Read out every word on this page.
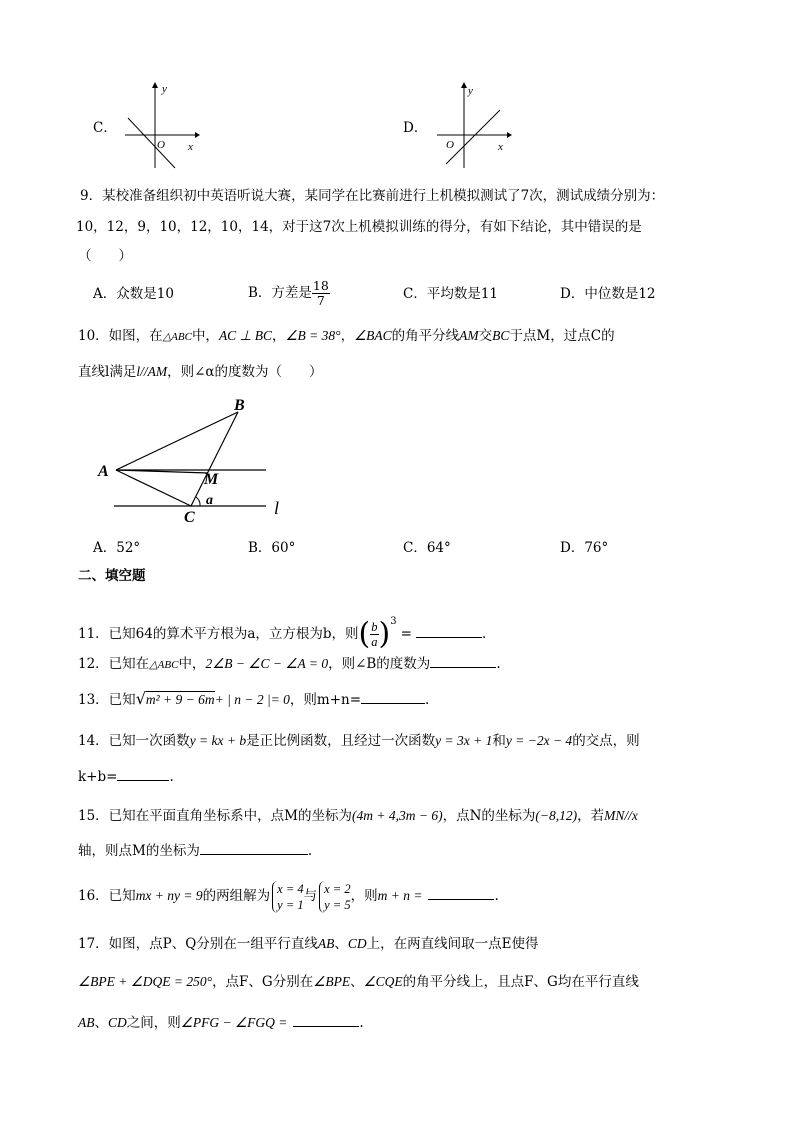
C．
y
x
O
D．
y
x
O
9．某校准备组织初中英语听说大赛，某同学在比赛前进行上机模拟测试了7次，测试成绩分别为：
10，12，9，10，12，10，14，对于这7次上机模拟训练的得分，有如下结论，其中错误的是
（　　）
A．众数是10	B．方差是 $\frac{18}{7}$	C．平均数是11	D．中位数是12
10．如图，在△ABC中，AC ⊥ BC，∠B = 38°，∠BAC的角平分线AM交BC于点M，过点C的
直线l满足l//AM，则∠α的度数为（　　）
A
B
C
M
a	l
A．52°	B．60°	C．64°	D．76°
二、填空题
11．已知64的算术平方根为a，立方根为b，则( $\frac{b}{a} )^3=$	.
12．已知在△ABC中，2∠B − ∠C − ∠A = 0，则∠B的度数为	.
13．已知√m² + 9 − 6m+ | n − 2 |= 0，则m+n=	.
14．已知一次函数y = kx + b是正比例函数，且经过一次函数y = 3x + 1和y = −2x − 4的交点，则
k+b=	.
15．已知在平面直角坐标系中，点M的坐标为(4m + 4,3m − 6)，点N的坐标为(−8,12)，若MN//x
轴，则点M的坐标为	.
16．已知mx + ny = 9的两组解为 x = 4
y = 1
与 x = 2
y = 5
，则m + n =	.
17．如图，点P、Q分别在一组平行直线AB、CD上，在两直线间取一点E使得
∠BPE + ∠DQE = 250°，点F、G分别在∠BPE、∠CQE的角平分线上，且点F、G均在平行直线
AB、CD之间，则∠PFG − ∠FGQ =	.
